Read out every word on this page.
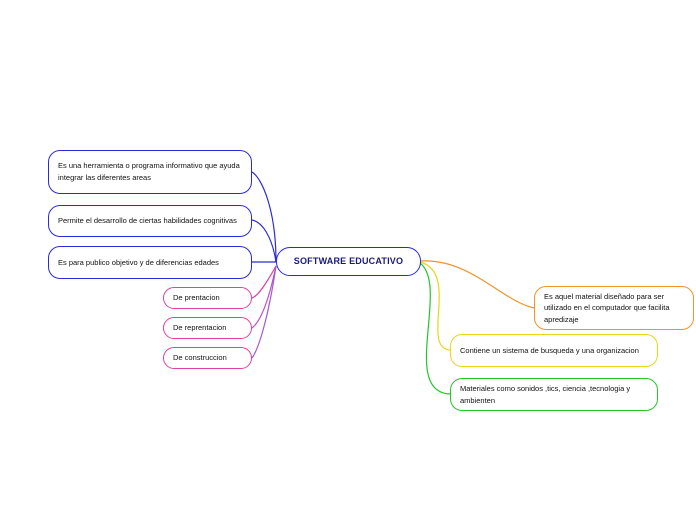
SOFTWARE EDUCATIVO
Es una herramienta o programa informativo que ayuda integrar las diferentes areas
Permite el desarrollo de ciertas habilidades cognitivas
Es para publico objetivo y de diferencias edades
De prentacion
De reprentacion
De construccion
Es aquel material diseñado para ser utilizado en el computador que facilita apredizaje
Contiene un sistema de busqueda y una organizacion
Materiales como sonidos ,tics, ciencia ,tecnologia y ambienten
